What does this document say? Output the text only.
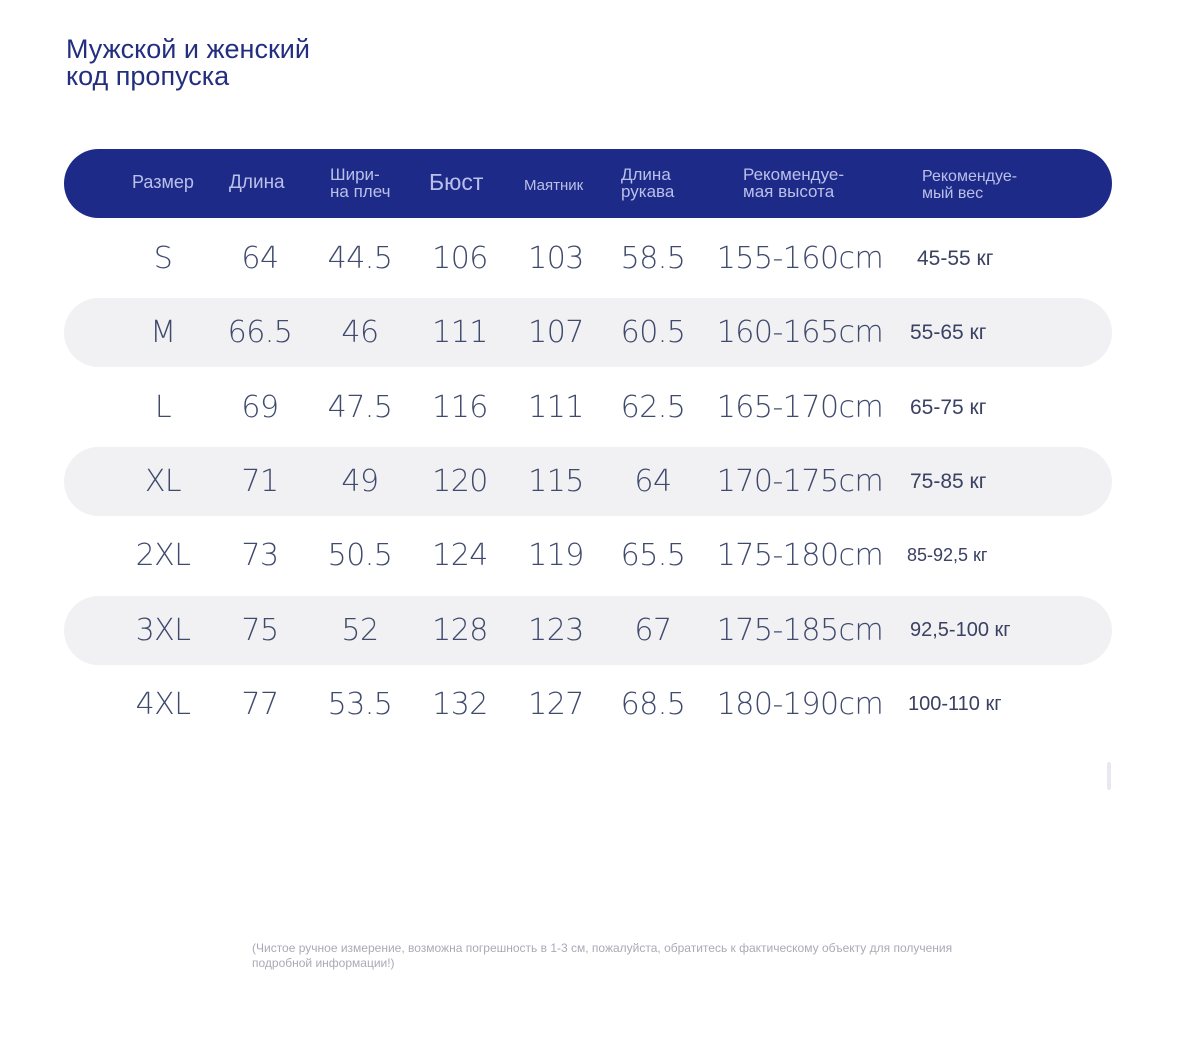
Мужской и женский
код пропуска
Размер Длина	Шири-
на плеч Бюст	Маятник
Длина
рукава
Рекомендуе-
мая высота
Рекомендуе-
мый вес
S 64 44.5 106 103 58.5 155-160cm 45-55 кг
M 66.5 46 111 107 60.5 160-165cm 55-65 кг
L 69 47.5 116 111 62.5 165-170cm 65-75 кг
XL 71 49 120 115 64 170-175cm 75-85 кг
2XL 73 50.5 124 119 65.5 175-180cm 85-92,5 кг
3XL 75 52 128 123 67 175-185cm 92,5-100 кг
4XL 77 53.5 132 127 68.5 180-190cm 100-110 кг
(Чистое ручное измерение, возможна погрешность в 1-3 см, пожалуйста, обратитесь к фактическому объекту для получения подробной информации!)
